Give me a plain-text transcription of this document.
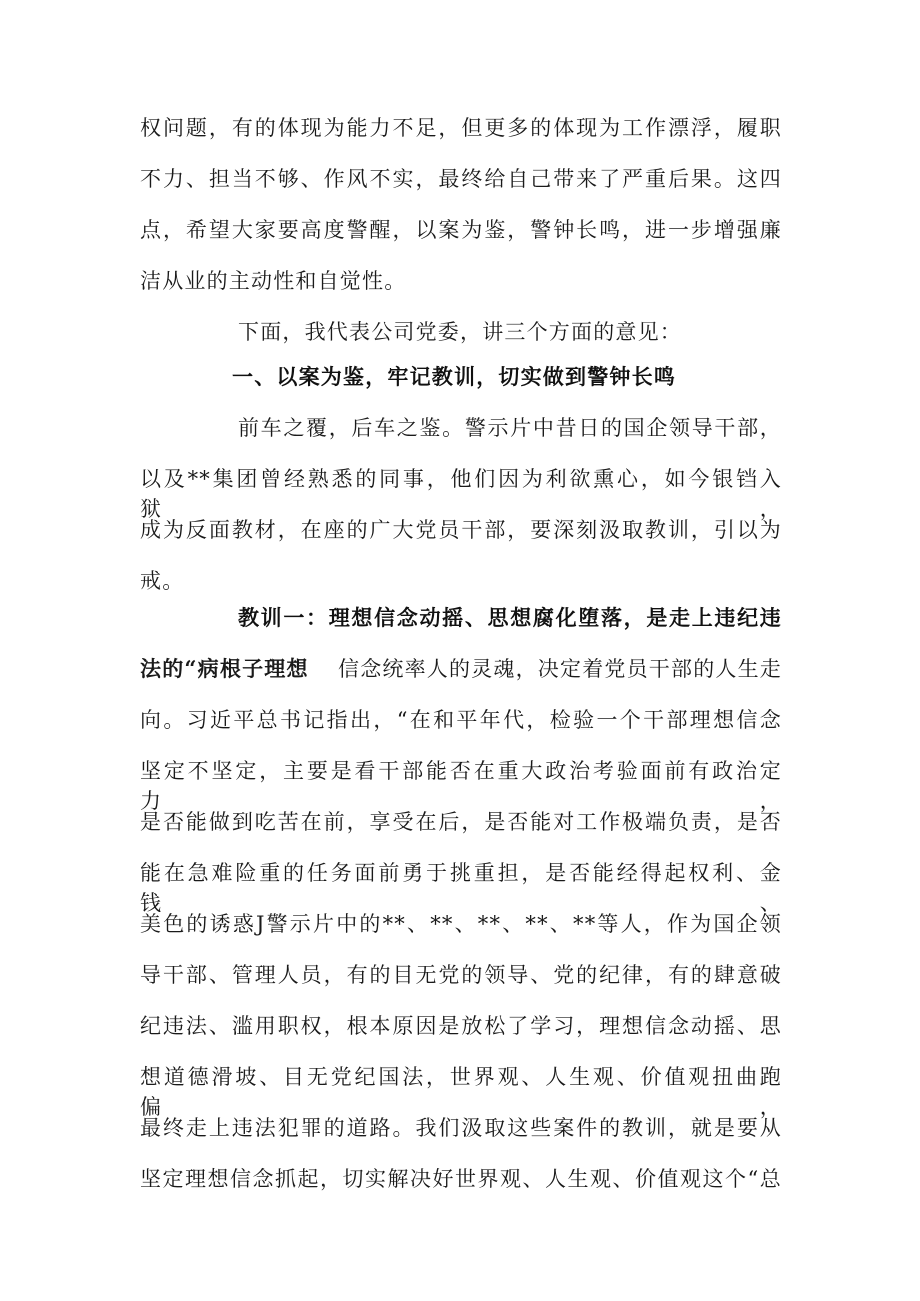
权问题，有的体现为能力不足，但更多的体现为工作漂浮，履职

不力、担当不够、作风不实，最终给自己带来了严重后果。这四

点，希望大家要高度警醒，以案为鉴，警钟长鸣，进一步增强廉

洁从业的主动性和自觉性。

下面，我代表公司党委，讲三个方面的意见：

一、以案为鉴，牢记教训，切实做到警钟长鸣

前车之覆，后车之鉴。警示片中昔日的国企领导干部，

以及**集团曾经熟悉的同事，他们因为利欲熏心，如今银铛入狱，

成为反面教材，在座的广大党员干部，要深刻汲取教训，引以为

戒。

教训一：理想信念动摇、思想腐化堕落，是走上违纪违

法的“病根子理想 信念统率人的灵魂，决定着党员干部的人生走

向。习近平总书记指出，“在和平年代，检验一个干部理想信念

坚定不坚定，主要是看干部能否在重大政治考验面前有政治定力，

是否能做到吃苦在前，享受在后，是否能对工作极端负责，是否

能在急难险重的任务面前勇于挑重担，是否能经得起权利、金钱、

美色的诱惑J警示片中的**、**、**、**、**等人，作为国企领

导干部、管理人员，有的目无党的领导、党的纪律，有的肆意破

纪违法、滥用职权，根本原因是放松了学习，理想信念动摇、思

想道德滑坡、目无党纪国法，世界观、人生观、价值观扭曲跑偏，

最终走上违法犯罪的道路。我们汲取这些案件的教训，就是要从

坚定理想信念抓起，切实解决好世界观、人生观、价值观这个“总
